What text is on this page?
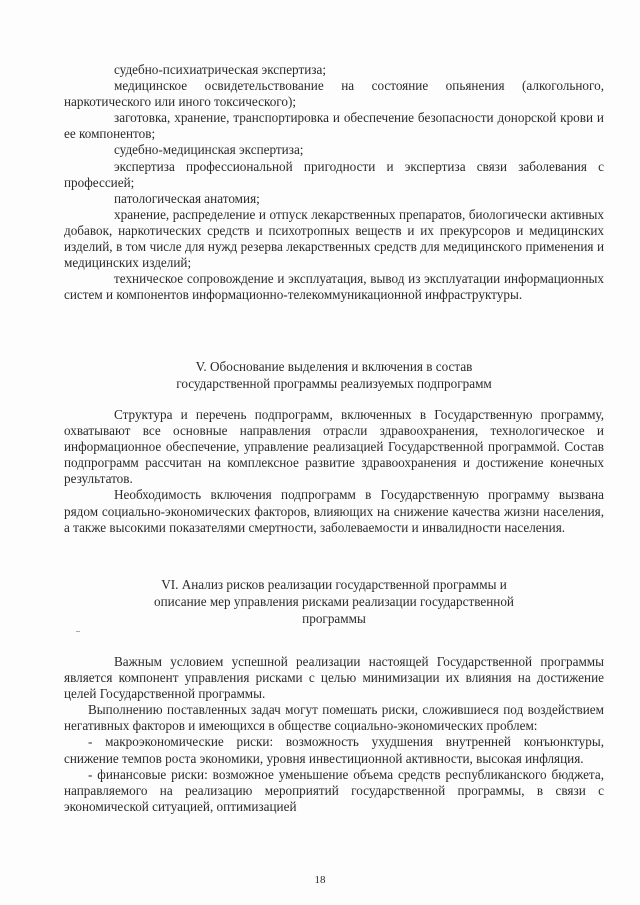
судебно-психиатрическая экспертиза;

медицинское освидетельствование на состояние опьянения (алкогольного, наркотического или иного токсического);

заготовка, хранение, транспортировка и обеспечение безопасности донорской крови и ее компонентов;

судебно-медицинская экспертиза;

экспертиза профессиональной пригодности и экспертиза связи заболевания с профессией;

патологическая анатомия;

хранение, распределение и отпуск лекарственных препаратов, биологически активных добавок, наркотических средств и психотропных веществ и их прекурсоров и медицинских изделий, в том числе для нужд резерва лекарственных средств для медицинского применения и медицинских изделий;

техническое сопровождение и эксплуатация, вывод из эксплуатации информационных систем и компонентов информационно-телекоммуникационной инфраструктуры.

V. Обоснование выделения и включения в состав

государственной программы реализуемых подпрограмм

Структура и перечень подпрограмм, включенных в Государственную программу, охватывают все основные направления отрасли здравоохранения, технологическое и информационное обеспечение, управление реализацией Государственной программой. Состав подпрограмм рассчитан на комплексное развитие здравоохранения и достижение конечных результатов.

Необходимость включения подпрограмм в Государственную программу вызвана рядом социально-экономических факторов, влияющих на снижение качества жизни населения, а также высокими показателями смертности, заболеваемости и инвалидности населения.

VI. Анализ рисков реализации государственной программы и

описание мер управления рисками реализации государственной

программы

Важным условием успешной реализации настоящей Государственной программы является компонент управления рисками с целью минимизации их влияния на достижение целей Государственной программы.

Выполнению поставленных задач могут помешать риски, сложившиеся под воздействием негативных факторов и имеющихся в обществе социально-экономических проблем:

- макроэкономические риски: возможность ухудшения внутренней конъюнктуры, снижение темпов роста экономики, уровня инвестиционной активности, высокая инфляция.

- финансовые риски: возможное уменьшение объема средств республиканского бюджета, направляемого на реализацию мероприятий государственной программы, в связи с экономической ситуацией, оптимизацией

18
